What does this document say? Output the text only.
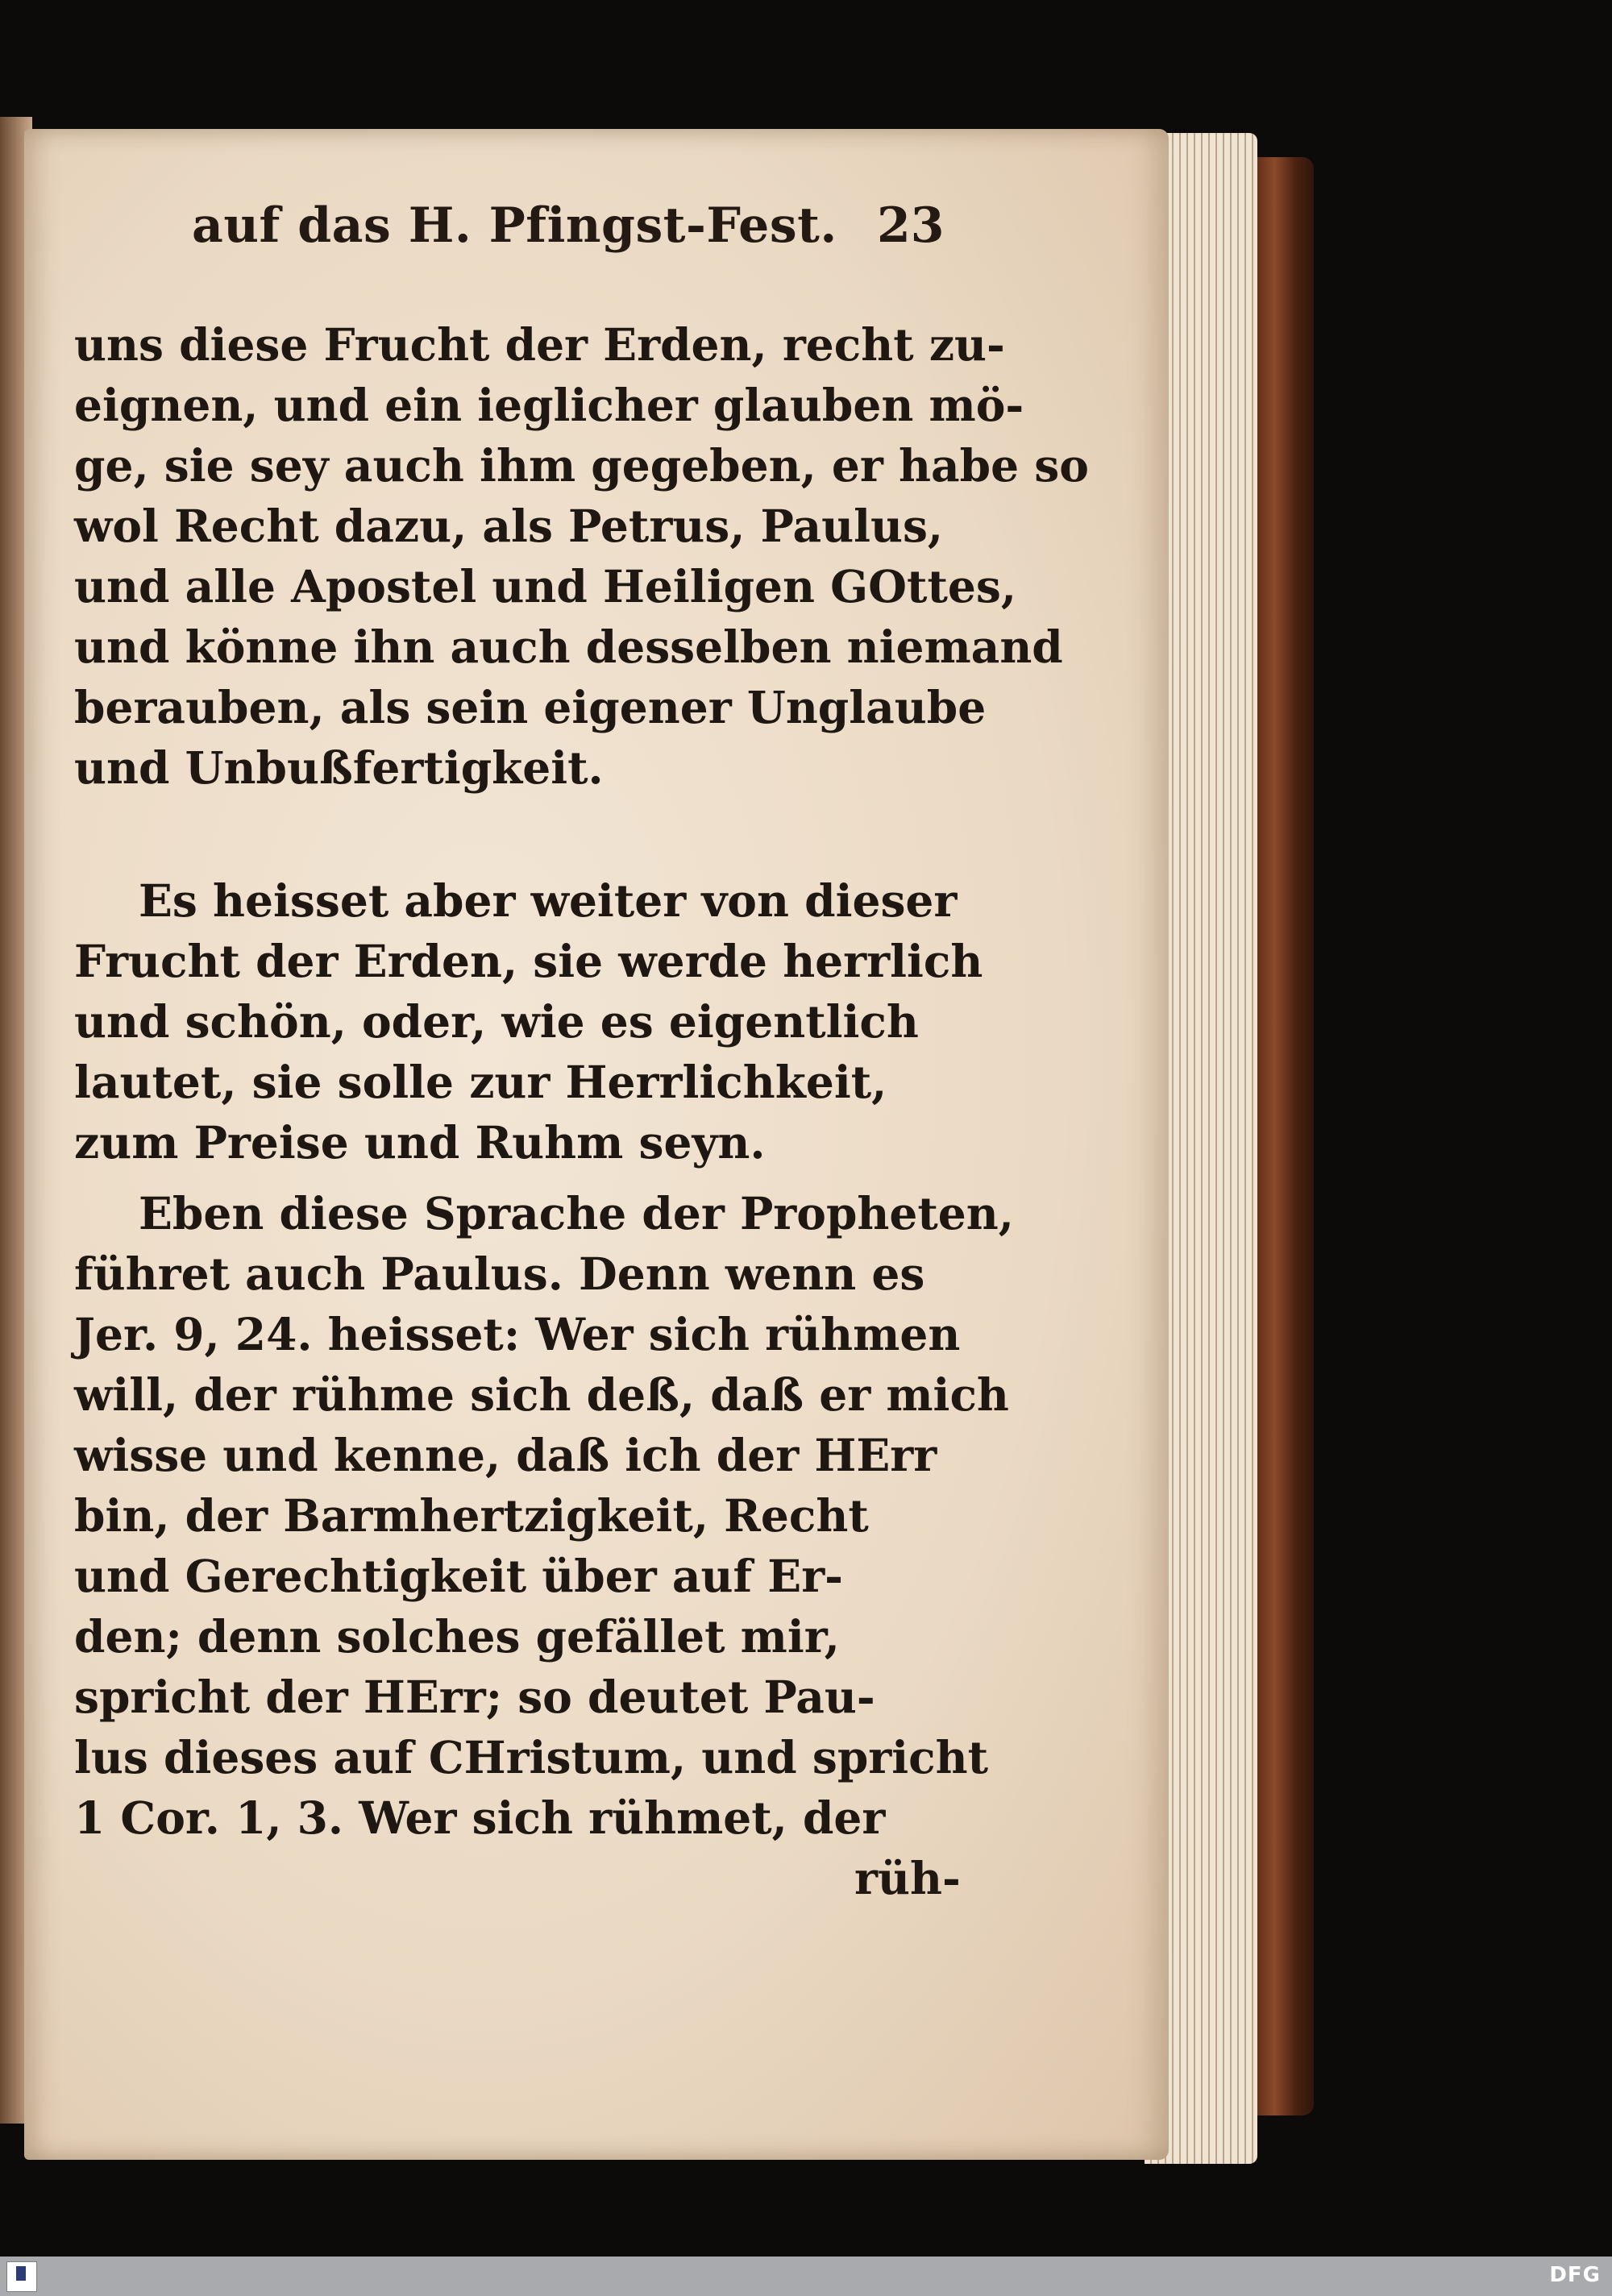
auf das H. Pfingst-Fest. 23
uns diese Frucht der Erden, recht zu-
eignen, und ein ieglicher glauben mö-
ge, sie sey auch ihm gegeben, er habe so
wol Recht dazu, als Petrus, Paulus,
und alle Apostel und Heiligen GOttes,
und könne ihn auch desselben niemand
berauben, als sein eigener Unglaube
und Unbußfertigkeit.
Es heisset aber weiter von dieser
Frucht der Erden, sie werde herrlich
und schön, oder, wie es eigentlich
lautet, sie solle zur Herrlichkeit,
zum Preise und Ruhm seyn.
Eben diese Sprache der Propheten,
führet auch Paulus. Denn wenn es
Jer. 9, 24. heisset: Wer sich rühmen
will, der rühme sich deß, daß er mich
wisse und kenne, daß ich der HErr
bin, der Barmhertzigkeit, Recht
und Gerechtigkeit über auf Er-
den; denn solches gefället mir,
spricht der HErr; so deutet Pau-
lus dieses auf CHristum, und spricht
1 Cor. 1, 3. Wer sich rühmet, der
rüh-
DFG
